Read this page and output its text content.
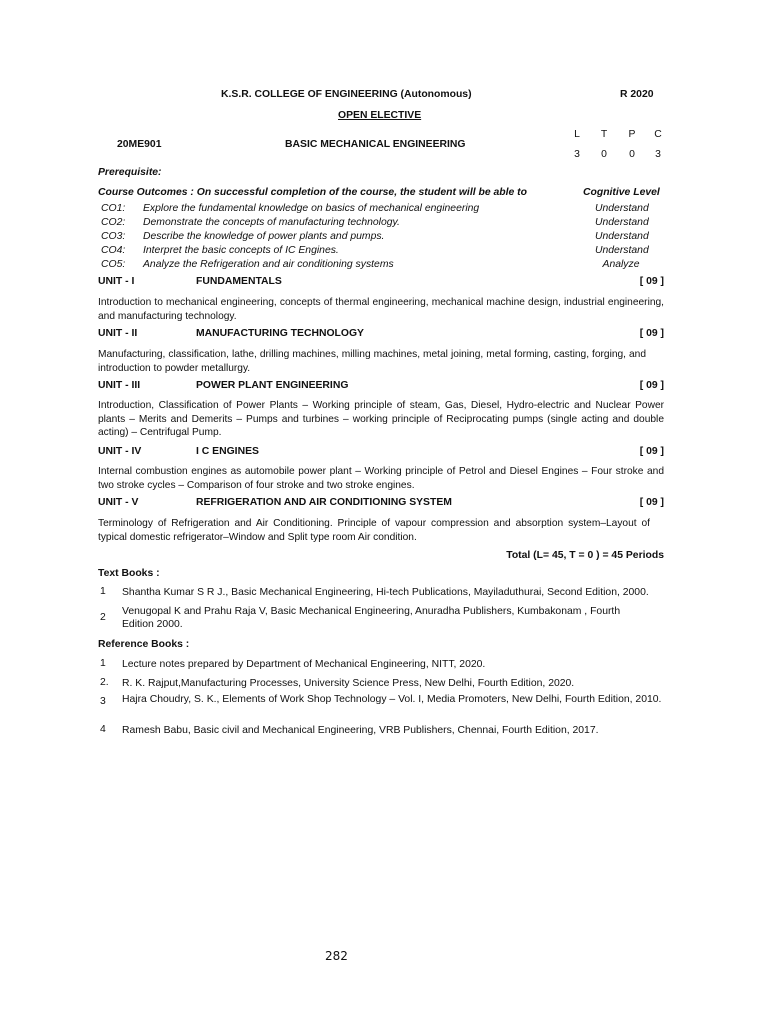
K.S.R. COLLEGE OF ENGINEERING (Autonomous)	R 2020
OPEN ELECTIVE
20ME901	BASIC MECHANICAL ENGINEERING
L T P C
3 0 0 3
Prerequisite:
Course Outcomes : On successful completion of the course, the student will be able to	Cognitive Level
CO1: Explore the fundamental knowledge on basics of mechanical engineering	Understand
CO2: Demonstrate the concepts of manufacturing technology.	Understand
CO3: Describe the knowledge of power plants and pumps.	Understand
CO4: Interpret the basic concepts of IC Engines.	Understand
CO5: Analyze the Refrigeration and air conditioning systems	Analyze
UNIT - I	FUNDAMENTALS	[ 09 ]
Introduction to mechanical engineering, concepts of thermal engineering, mechanical machine design, industrial engineering, and manufacturing technology.
UNIT - II	MANUFACTURING TECHNOLOGY	[ 09 ]
Manufacturing, classification, lathe, drilling machines, milling machines, metal joining, metal forming, casting, forging, and introduction to powder metallurgy.
UNIT - III	POWER PLANT ENGINEERING	[ 09 ]
Introduction, Classification of Power Plants – Working principle of steam, Gas, Diesel, Hydro-electric and Nuclear Power plants – Merits and Demerits – Pumps and turbines – working principle of Reciprocating pumps (single acting and double acting) – Centrifugal Pump.
UNIT - IV	I C ENGINES	[ 09 ]
Internal combustion engines as automobile power plant – Working principle of Petrol and Diesel Engines – Four stroke and two stroke cycles – Comparison of four stroke and two stroke engines.
UNIT - V	REFRIGERATION AND AIR CONDITIONING SYSTEM	[ 09 ]
Terminology of Refrigeration and Air Conditioning. Principle of vapour compression and absorption system–Layout of typical domestic refrigerator–Window and Split type room Air condition.
Total (L= 45, T = 0 ) = 45 Periods
Text Books :
1 Shantha Kumar S R J., Basic Mechanical Engineering, Hi-tech Publications, Mayiladuthurai, Second Edition, 2000.
2
Venugopal K and Prahu Raja V, Basic Mechanical Engineering, Anuradha Publishers, Kumbakonam , Fourth Edition 2000.
Reference Books :
1 Lecture notes prepared by Department of Mechanical Engineering, NITT, 2020.
2. R. K. Rajput,Manufacturing Processes, University Science Press, New Delhi, Fourth Edition, 2020.
3 Hajra Choudry, S. K., Elements of Work Shop Technology – Vol. I, Media Promoters, New Delhi, Fourth Edition, 2010.
4 Ramesh Babu, Basic civil and Mechanical Engineering, VRB Publishers, Chennai, Fourth Edition, 2017.
282
